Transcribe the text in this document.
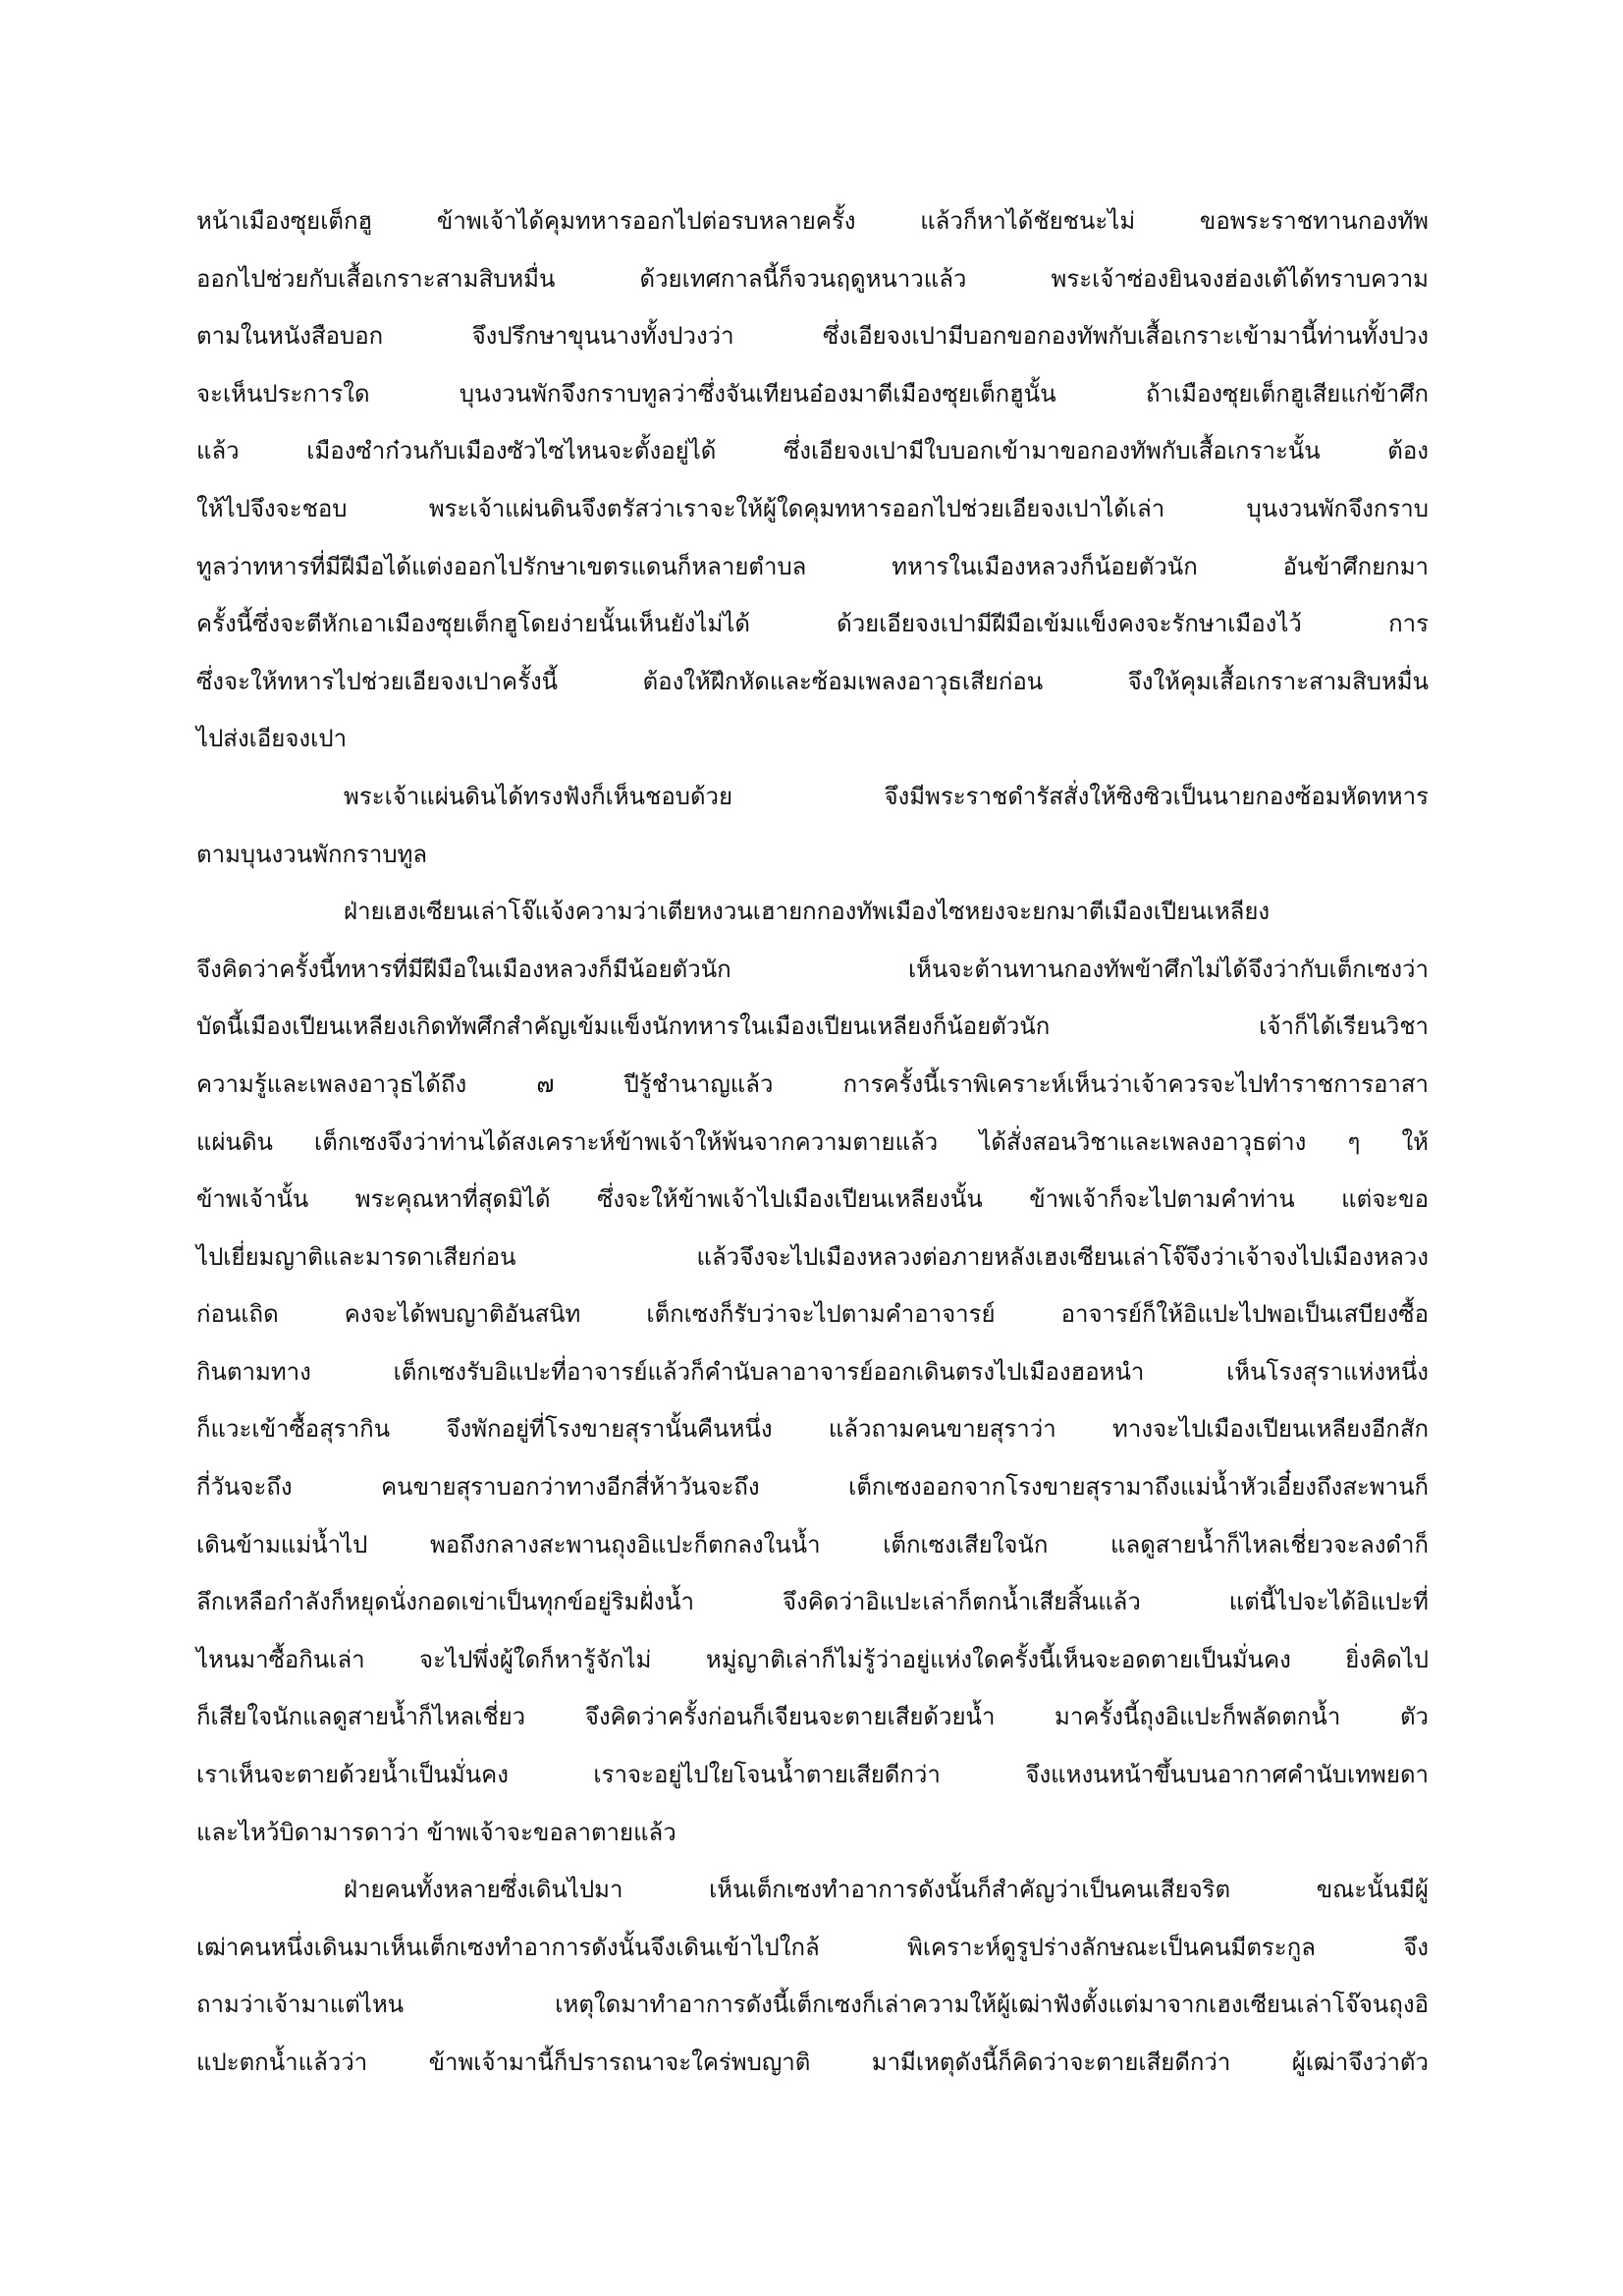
หน้าเมืองซุยเต็กฮู ข้าพเจ้าได้คุมทหารออกไปต่อรบหลายครั้ง แล้วก็หาได้ชัยชนะไม่ ขอพระราชทานกองทัพ
ออกไปช่วยกับเสื้อเกราะสามสิบหมื่น ด้วยเทศกาลนี้ก็จวนฤดูหนาวแล้ว พระเจ้าซ่องยินจงฮ่องเต้ได้ทราบความ
ตามในหนังสือบอก จึงปรึกษาขุนนางทั้งปวงว่า ซึ่งเอียจงเปามีบอกขอกองทัพกับเสื้อเกราะเข้ามานี้ท่านทั้งปวง
จะเห็นประการใด บุนงวนพักจึงกราบทูลว่าซึ่งจันเทียนอ๋องมาตีเมืองซุยเต็กฮูนั้น ถ้าเมืองซุยเต็กฮูเสียแก่ข้าศึก
แล้ว เมืองซำก๋วนกับเมืองซัวไซไหนจะตั้งอยู่ได้ ซึ่งเอียจงเปามีใบบอกเข้ามาขอกองทัพกับเสื้อเกราะนั้น ต้อง
ให้ไปจึงจะชอบ พระเจ้าแผ่นดินจึงตรัสว่าเราจะให้ผู้ใดคุมทหารออกไปช่วยเอียจงเปาได้เล่า บุนงวนพักจึงกราบ
ทูลว่าทหารที่มีฝีมือได้แต่งออกไปรักษาเขตรแดนก็หลายตำบล ทหารในเมืองหลวงก็น้อยตัวนัก อันข้าศึกยกมา
ครั้งนี้ซึ่งจะตีหักเอาเมืองซุยเต็กฮูโดยง่ายนั้นเห็นยังไม่ได้ ด้วยเอียจงเปามีฝีมือเข้มแข็งคงจะรักษาเมืองไว้ การ
ซึ่งจะให้ทหารไปช่วยเอียจงเปาครั้งนี้ ต้องให้ฝึกหัดและซ้อมเพลงอาวุธเสียก่อน จึงให้คุมเสื้อเกราะสามสิบหมื่น
ไปส่งเอียจงเปา
พระเจ้าแผ่นดินได้ทรงฟังก็เห็นชอบด้วย จึงมีพระราชดำรัสสั่งให้ซิงซิวเป็นนายกองซ้อมหัดทหาร
ตามบุนงวนพักกราบทูล
ฝ่ายเฮงเซียนเล่าโจ๊แจ้งความว่าเตียหงวนเฮายกกองทัพเมืองไซหยงจะยกมาตีเมืองเปียนเหลียง
จึงคิดว่าครั้งนี้ทหารที่มีฝีมือในเมืองหลวงก็มีน้อยตัวนัก เห็นจะต้านทานกองทัพข้าศึกไม่ได้จึงว่ากับเต็กเซงว่า
บัดนี้เมืองเปียนเหลียงเกิดทัพศึกสำคัญเข้มแข็งนักทหารในเมืองเปียนเหลียงก็น้อยตัวนัก เจ้าก็ได้เรียนวิชา
ความรู้และเพลงอาวุธได้ถึง ๗ ปีรู้ชำนาญแล้ว การครั้งนี้เราพิเคราะห์เห็นว่าเจ้าควรจะไปทำราชการอาสา
แผ่นดิน เต็กเซงจึงว่าท่านได้สงเคราะห์ข้าพเจ้าให้พ้นจากความตายแล้ว ได้สั่งสอนวิชาและเพลงอาวุธต่าง ๆ ให้
ข้าพเจ้านั้น พระคุณหาที่สุดมิได้ ซึ่งจะให้ข้าพเจ้าไปเมืองเปียนเหลียงนั้น ข้าพเจ้าก็จะไปตามคำท่าน แต่จะขอ
ไปเยี่ยมญาติและมารดาเสียก่อน แล้วจึงจะไปเมืองหลวงต่อภายหลังเฮงเซียนเล่าโจ๊จึงว่าเจ้าจงไปเมืองหลวง
ก่อนเถิด คงจะได้พบญาติอันสนิท เต็กเซงก็รับว่าจะไปตามคำอาจารย์ อาจารย์ก็ให้อิแปะไปพอเป็นเสบียงซื้อ
กินตามทาง เต็กเซงรับอิแปะที่อาจารย์แล้วก็คำนับลาอาจารย์ออกเดินตรงไปเมืองฮอหนำ เห็นโรงสุราแห่งหนึ่ง
ก็แวะเข้าซื้อสุรากิน จึงพักอยู่ที่โรงขายสุรานั้นคืนหนึ่ง แล้วถามคนขายสุราว่า ทางจะไปเมืองเปียนเหลียงอีกสัก
กี่วันจะถึง คนขายสุราบอกว่าทางอีกสี่ห้าวันจะถึง เต็กเซงออกจากโรงขายสุรามาถึงแม่น้ำหัวเอี๋ยงถึงสะพานก็
เดินข้ามแม่น้ำไป พอถึงกลางสะพานถุงอิแปะก็ตกลงในน้ำ เต็กเซงเสียใจนัก แลดูสายน้ำก็ไหลเชี่ยวจะลงดำก็
ลึกเหลือกำลังก็หยุดนั่งกอดเข่าเป็นทุกข์อยู่ริมฝั่งน้ำ จึงคิดว่าอิแปะเล่าก็ตกน้ำเสียสิ้นแล้ว แต่นี้ไปจะได้อิแปะที่
ไหนมาซื้อกินเล่า จะไปพึ่งผู้ใดก็หารู้จักไม่ หมู่ญาติเล่าก็ไม่รู้ว่าอยู่แห่งใดครั้งนี้เห็นจะอดตายเป็นมั่นคง ยิ่งคิดไป
ก็เสียใจนักแลดูสายน้ำก็ไหลเชี่ยว จึงคิดว่าครั้งก่อนก็เจียนจะตายเสียด้วยน้ำ มาครั้งนี้ถุงอิแปะก็พลัดตกน้ำ ตัว
เราเห็นจะตายด้วยน้ำเป็นมั่นคง เราจะอยู่ไปใยโจนน้ำตายเสียดีกว่า จึงแหงนหน้าขึ้นบนอากาศคำนับเทพยดา
และไหว้บิดามารดาว่า ข้าพเจ้าจะขอลาตายแล้ว
ฝ่ายคนทั้งหลายซึ่งเดินไปมา เห็นเต็กเซงทำอาการดังนั้นก็สำคัญว่าเป็นคนเสียจริต ขณะนั้นมีผู้
เฒ่าคนหนึ่งเดินมาเห็นเต็กเซงทำอาการดังนั้นจึงเดินเข้าไปใกล้ พิเคราะห์ดูรูปร่างลักษณะเป็นคนมีตระกูล จึง
ถามว่าเจ้ามาแต่ไหน เหตุใดมาทำอาการดังนี้เต็กเซงก็เล่าความให้ผู้เฒ่าฟังตั้งแต่มาจากเฮงเซียนเล่าโจ๊จนถุงอิ
แปะตกน้ำแล้วว่า ข้าพเจ้ามานี้ก็ปรารถนาจะใคร่พบญาติ มามีเหตุดังนี้ก็คิดว่าจะตายเสียดีกว่า ผู้เฒ่าจึงว่าตัว
